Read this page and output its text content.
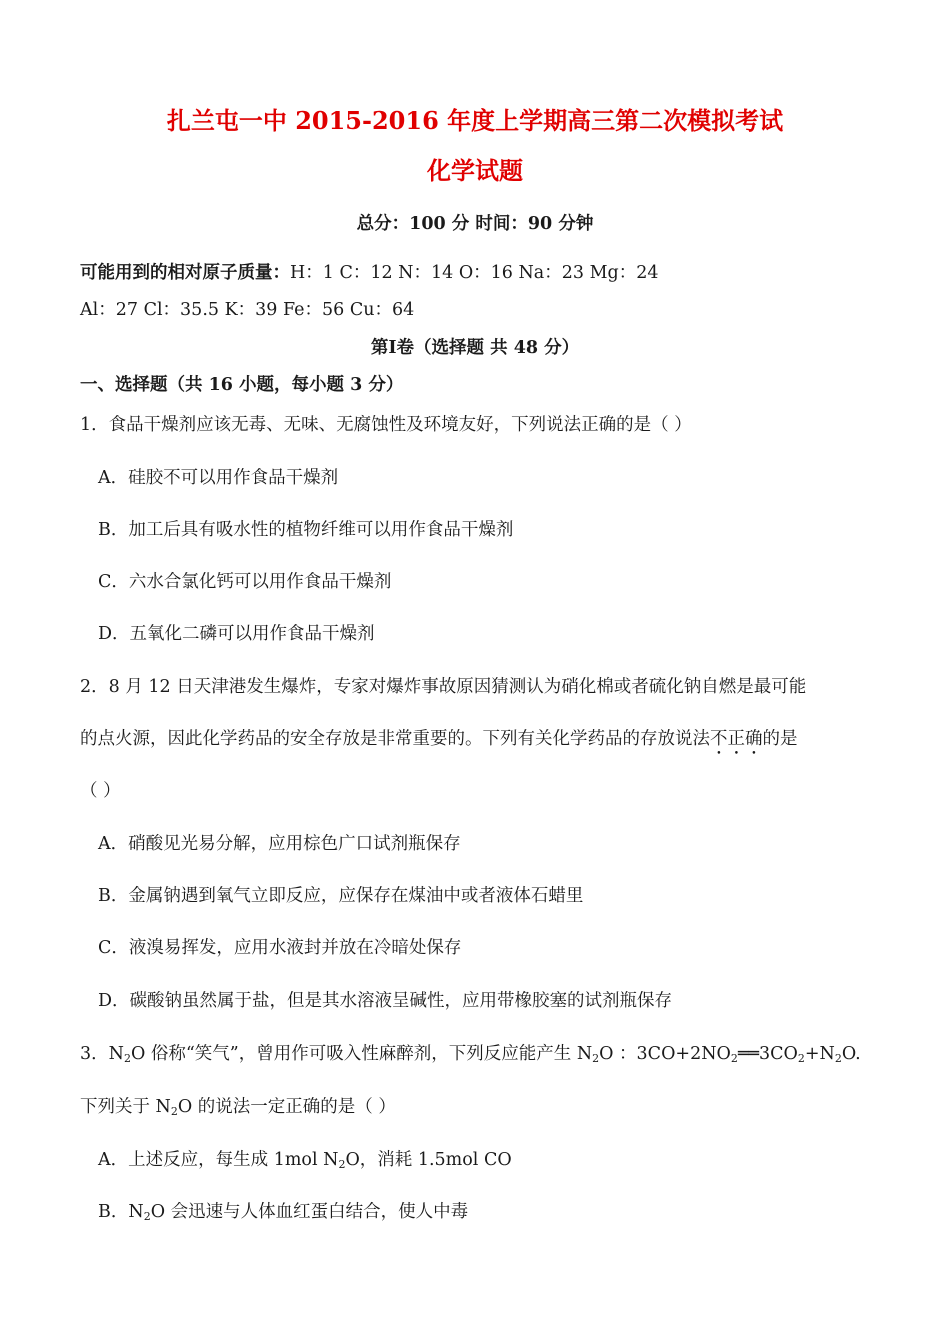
扎兰屯一中 2015-2016 年度上学期高三第二次模拟考试
化学试题
总分：100 分 时间：90 分钟
可能用到的相对原子质量：H：1 C：12 N：14 O：16 Na：23 Mg：24
Al：27 Cl：35.5 K：39 Fe：56 Cu：64
第Ⅰ卷（选择题 共 48 分）
一、选择题（共 16 小题，每小题 3 分）
1．食品干燥剂应该无毒、无味、无腐蚀性及环境友好，下列说法正确的是（ ）
A．硅胶不可以用作食品干燥剂
B．加工后具有吸水性的植物纤维可以用作食品干燥剂
C．六水合氯化钙可以用作食品干燥剂
D．五氧化二磷可以用作食品干燥剂
2．8 月 12 日天津港发生爆炸，专家对爆炸事故原因猜测认为硝化棉或者硫化钠自燃是最可能
的点火源，因此化学药品的安全存放是非常重要的。下列有关化学药品的存放说法不正确的是
（ ）
A．硝酸见光易分解，应用棕色广口试剂瓶保存
B．金属钠遇到氧气立即反应，应保存在煤油中或者液体石蜡里
C．液溴易挥发，应用水液封并放在冷暗处保存
D．碳酸钠虽然属于盐，但是其水溶液呈碱性，应用带橡胶塞的试剂瓶保存
3．$N_2O$ 俗称“笑气”，曾用作可吸入性麻醉剂，下列反应能产生 $N_2O$ ：$3CO+2NO_2══3CO_2+N_2O$.
下列关于 $N_2O$ 的说法一定正确的是（ ）
A．上述反应，每生成 1mol $N_2O$，消耗 1.5mol CO
B．$N_2O$ 会迅速与人体血红蛋白结合，使人中毒
